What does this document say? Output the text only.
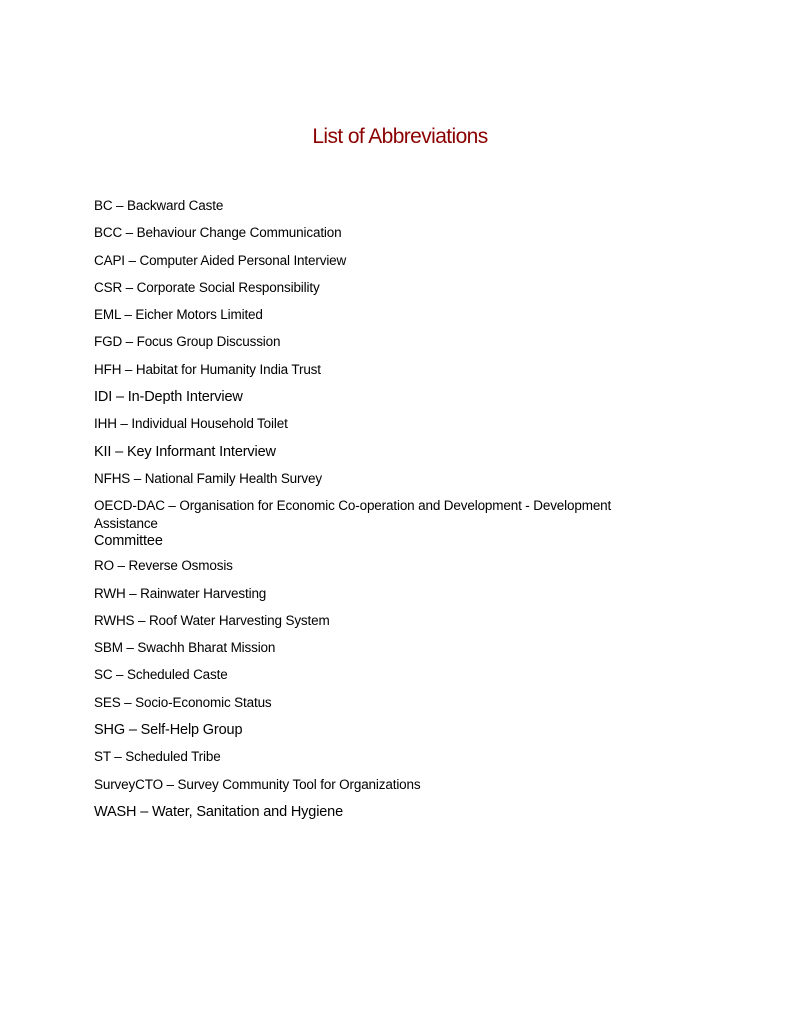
List of Abbreviations
BC – Backward Caste
BCC – Behaviour Change Communication
CAPI – Computer Aided Personal Interview
CSR – Corporate Social Responsibility
EML – Eicher Motors Limited
FGD – Focus Group Discussion
HFH – Habitat for Humanity India Trust
IDI – In-Depth Interview
IHH – Individual Household Toilet
KII – Key Informant Interview
NFHS – National Family Health Survey
OECD-DAC – Organisation for Economic Co-operation and Development - Development Assistance
Committee
RO – Reverse Osmosis
RWH – Rainwater Harvesting
RWHS – Roof Water Harvesting System
SBM – Swachh Bharat Mission
SC – Scheduled Caste
SES – Socio-Economic Status
SHG – Self-Help Group
ST – Scheduled Tribe
SurveyCTO – Survey Community Tool for Organizations
WASH – Water, Sanitation and Hygiene
